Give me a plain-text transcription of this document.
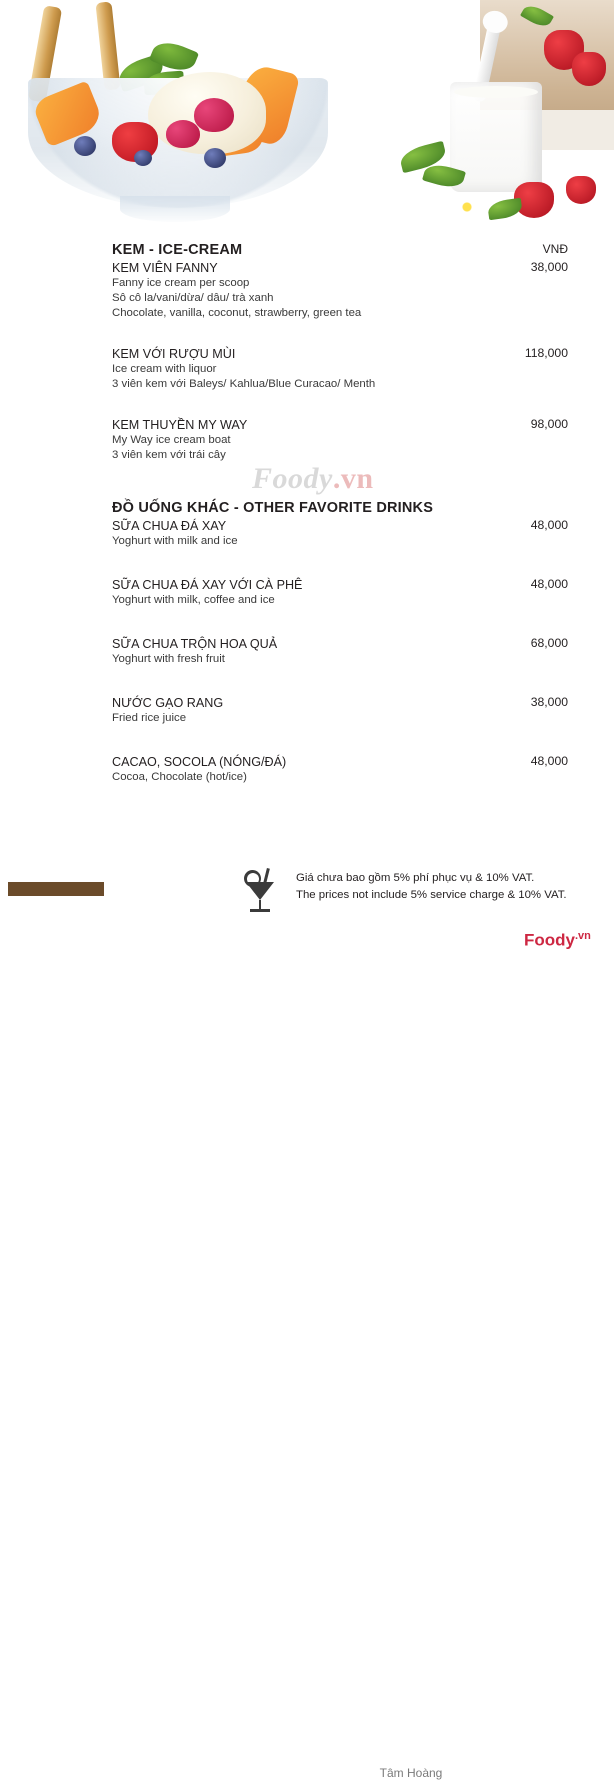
VNĐ
KEM - ICE-CREAM
38,000
KEM VIÊN FANNY
Fanny ice cream per scoop
Sô cô la/vani/dừa/ dâu/ trà xanh
Chocolate, vanilla, coconut, strawberry, green tea
118,000
KEM VỚI RƯỢU MÙI
Ice cream with liquor
3 viên kem với Baleys/ Kahlua/Blue Curacao/ Menth
98,000
KEM THUYỀN MY WAY
My Way ice cream boat
3 viên kem với trái cây
ĐỒ UỐNG KHÁC - OTHER FAVORITE DRINKS
48,000
SỮA CHUA ĐÁ XAY
Yoghurt with milk and ice
48,000
SỮA CHUA ĐÁ XAY VỚI CÀ PHÊ
Yoghurt with milk, coffee and ice
68,000
SỮA CHUA TRỘN HOA QUẢ
Yoghurt with fresh fruit
38,000
NƯỚC GẠO RANG
Fried rice juice
48,000
CACAO, SOCOLA (NÓNG/ĐÁ)
Cocoa, Chocolate (hot/ice)
Foody.vn
Giá chưa bao gồm 5% phí phục vụ & 10% VAT.
The prices not include 5% service charge & 10% VAT.
Tâm Hoàng
Foody$^{.vn}$
